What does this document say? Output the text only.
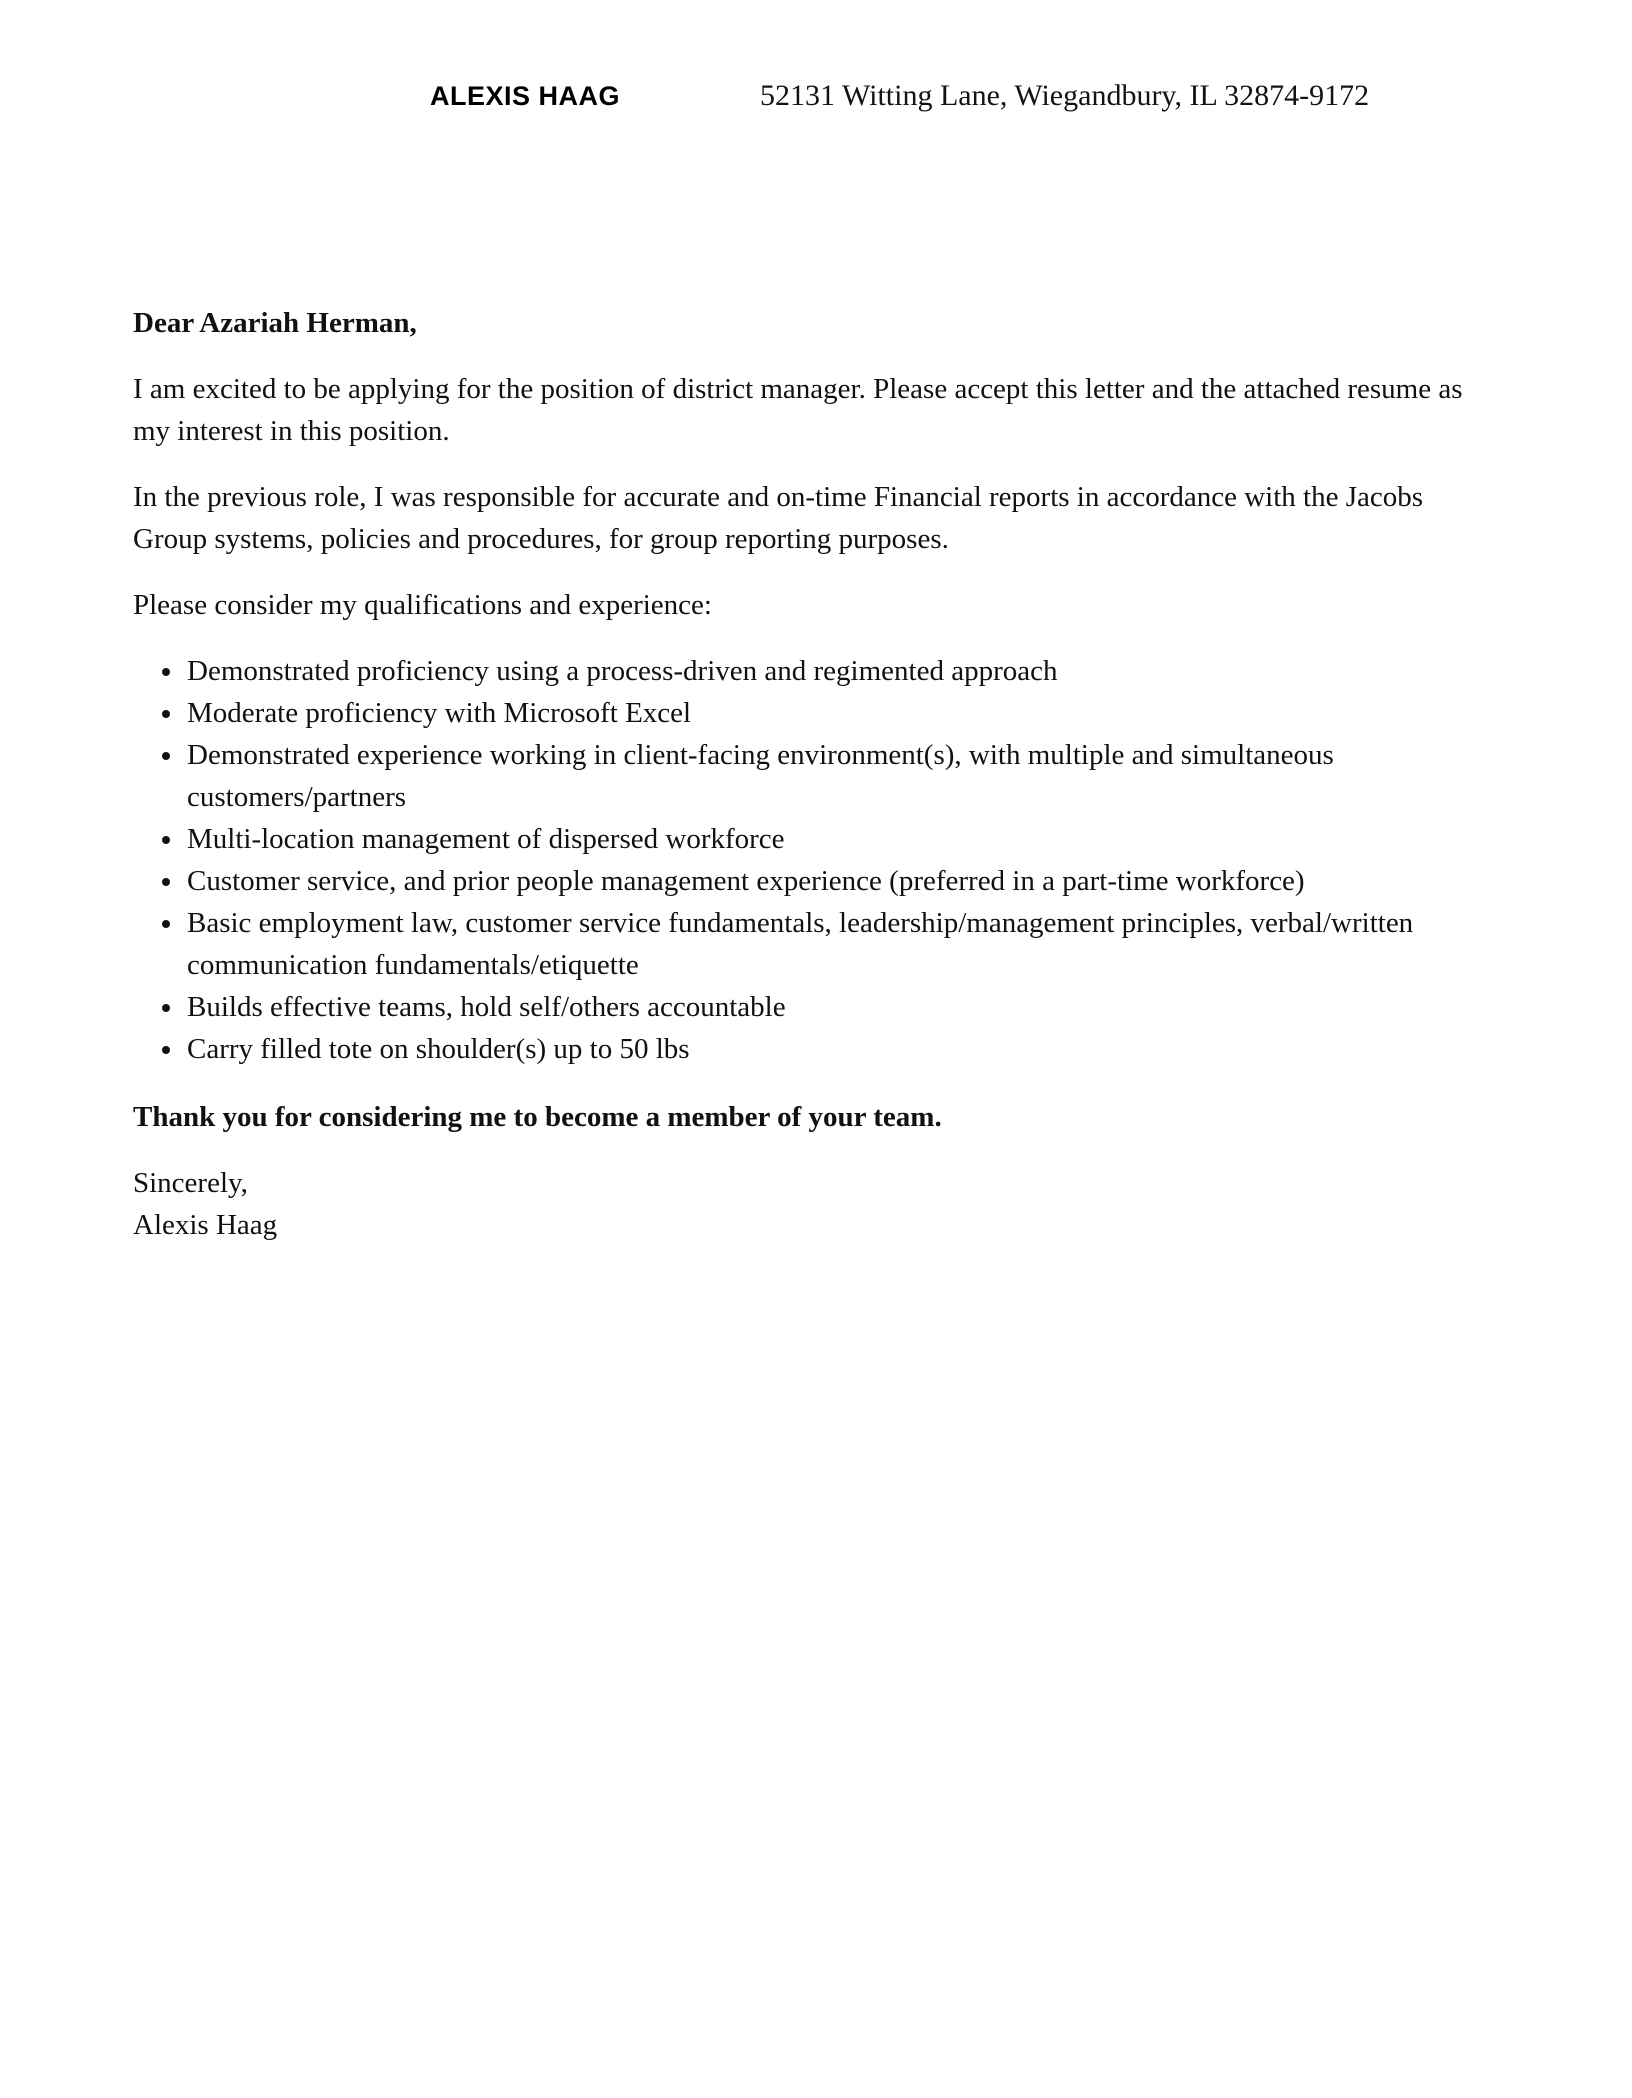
ALEXIS HAAG	52131 Witting Lane, Wiegandbury, IL 32874-9172

Dear Azariah Herman,

I am excited to be applying for the position of district manager. Please accept this letter and the attached resume as my interest in this position.

In the previous role, I was responsible for accurate and on-time Financial reports in accordance with the Jacobs Group systems, policies and procedures, for group reporting purposes.

Please consider my qualifications and experience:

• Demonstrated proficiency using a process-driven and regimented approach
• Moderate proficiency with Microsoft Excel
• Demonstrated experience working in client-facing environment(s), with multiple and simultaneous customers/partners
• Multi-location management of dispersed workforce
• Customer service, and prior people management experience (preferred in a part-time workforce)
• Basic employment law, customer service fundamentals, leadership/management principles, verbal/written communication fundamentals/etiquette
• Builds effective teams, hold self/others accountable
• Carry filled tote on shoulder(s) up to 50 lbs

Thank you for considering me to become a member of your team.

Sincerely,
Alexis Haag
